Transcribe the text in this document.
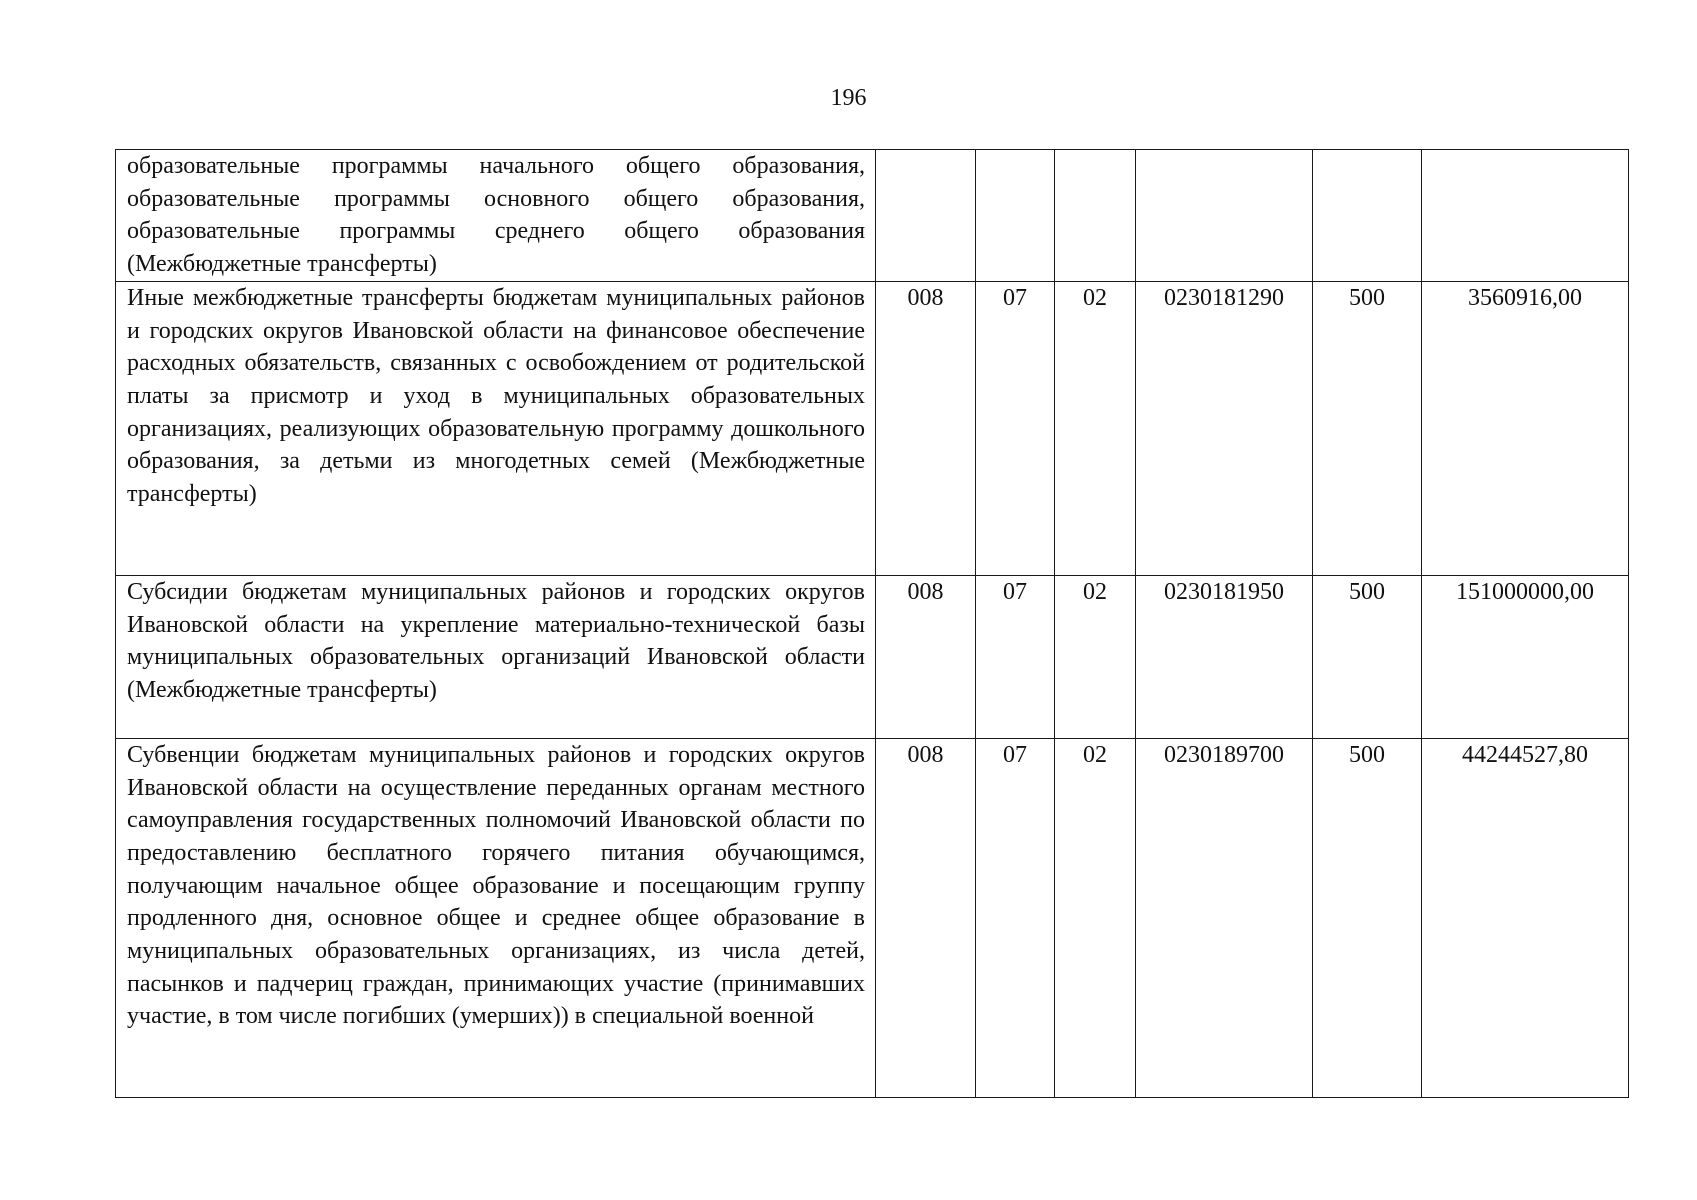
196
образовательные программы начального общего образования, образовательные программы основного общего образования, образовательные программы среднего общего образования (Межбюджетные трансферты)						
Иные межбюджетные трансферты бюджетам муниципальных районов и городских округов Ивановской области на финансовое обеспечение расходных обязательств, связанных с освобождением от родительской платы за присмотр и уход в муниципальных образовательных организациях, реализующих образовательную программу дошкольного образования, за детьми из многодетных семей (Межбюджетные трансферты)	008	07	02	0230181290	500	3560916,00
Субсидии бюджетам муниципальных районов и городских округов Ивановской области на укрепление материально-технической базы муниципальных образовательных организаций Ивановской области (Межбюджетные трансферты)	008	07	02	0230181950	500	151000000,00
Субвенции бюджетам муниципальных районов и городских округов Ивановской области на осуществление переданных органам местного самоуправления государственных полномочий Ивановской области по предоставлению бесплатного горячего питания обучающимся, получающим начальное общее образование и посещающим группу продленного дня, основное общее и среднее общее образование в муниципальных образовательных организациях, из числа детей, пасынков и падчериц граждан, принимающих участие (принимавших участие, в том числе погибших (умерших)) в специальной военной	008	07	02	0230189700	500	44244527,80
